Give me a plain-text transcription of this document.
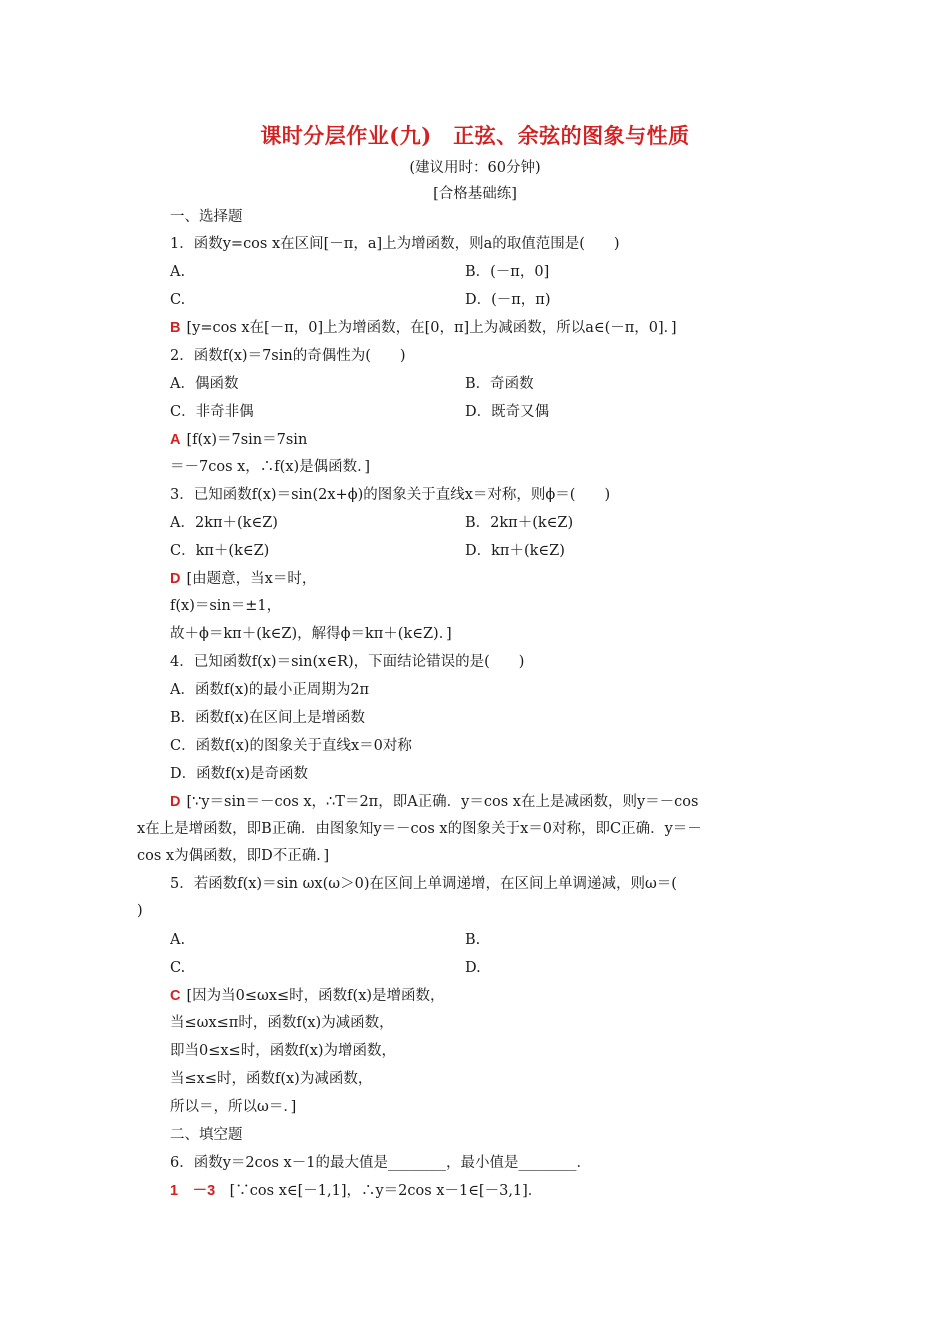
课时分层作业(九)　正弦、余弦的图象与性质
(建议用时：60分钟)
[合格基础练]
一、选择题
1．函数y=cos x在区间[－π，a]上为增函数，则a的取值范围是(　　)
A.	B．(－π，0]
C.	D．(－π，π)
B [y=cos x在[－π，0]上为增函数，在[0，π]上为减函数，所以a∈(－π，0]．]
2．函数f(x)＝7sin的奇偶性为(　　)
A．偶函数	B．奇函数
C．非奇非偶	D．既奇又偶
A [f(x)＝7sin＝7sin
＝－7cos x，∴f(x)是偶函数．]
3．已知函数f(x)＝sin(2x+ϕ)的图象关于直线x＝对称，则ϕ＝(　　)
A．2kπ＋(k∈Z)	B．2kπ＋(k∈Z)
C．kπ＋(k∈Z)	D．kπ＋(k∈Z)
D [由题意，当x＝时，
f(x)＝sin＝±1，
故＋ϕ＝kπ＋(k∈Z)，解得ϕ＝kπ＋(k∈Z)．]
4．已知函数f(x)＝sin(x∈R)，下面结论错误的是(　　)
A．函数f(x)的最小正周期为2π
B．函数f(x)在区间上是增函数
C．函数f(x)的图象关于直线x＝0对称
D．函数f(x)是奇函数
D [∵y＝sin＝－cos x，∴T＝2π，即A正确．y＝cos x在上是减函数，则y＝－cos
x在上是增函数，即B正确．由图象知y＝－cos x的图象关于x＝0对称，即C正确．y＝－
cos x为偶函数，即D不正确．]
5．若函数f(x)＝sin ωx(ω＞0)在区间上单调递增，在区间上单调递减，则ω＝(
)
A.	B.
C.	D.
C [因为当0≤ωx≤时，函数f(x)是增函数，
当≤ωx≤π时，函数f(x)为减函数，
即当0≤x≤时，函数f(x)为增函数，
当≤x≤时，函数f(x)为减函数，
所以＝，所以ω＝．]
二、填空题
6．函数y＝2cos x－1的最大值是________，最小值是________．
1　－3　 [∵cos x∈[－1,1]，∴y＝2cos x－1∈[－3,1]．
